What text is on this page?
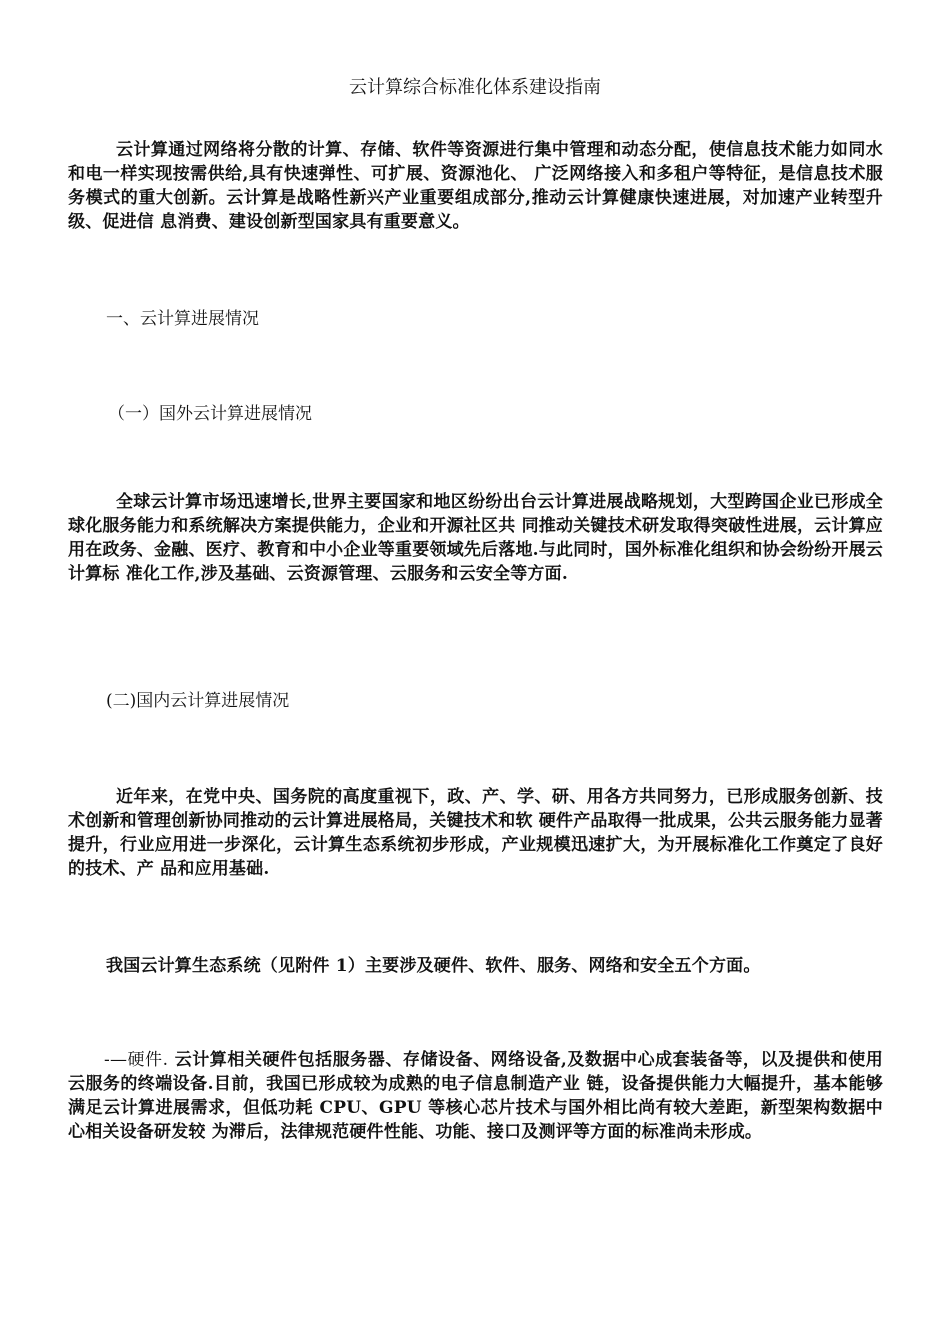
云计算综合标准化体系建设指南

云计算通过网络将分散的计算、存储、软件等资源进行集中管理和动态分配，使信息技术能力如同水和电一样实现按需供给,具有快速弹性、可扩展、资源池化、 广泛网络接入和多租户等特征，是信息技术服务模式的重大创新。云计算是战略性新兴产业重要组成部分,推动云计算健康快速进展，对加速产业转型升级、促进信 息消费、建设创新型国家具有重要意义。

一、云计算进展情况

（一）国外云计算进展情况

全球云计算市场迅速增长,世界主要国家和地区纷纷出台云计算进展战略规划，大型跨国企业已形成全球化服务能力和系统解决方案提供能力，企业和开源社区共 同推动关键技术研发取得突破性进展，云计算应用在政务、金融、医疗、教育和中小企业等重要领域先后落地.与此同时，国外标准化组织和协会纷纷开展云计算标 准化工作,涉及基础、云资源管理、云服务和云安全等方面.

(二)国内云计算进展情况

近年来，在党中央、国务院的高度重视下，政、产、学、研、用各方共同努力，已形成服务创新、技术创新和管理创新协同推动的云计算进展格局，关键技术和软 硬件产品取得一批成果，公共云服务能力显著提升，行业应用进一步深化，云计算生态系统初步形成，产业规模迅速扩大，为开展标准化工作奠定了良好的技术、产 品和应用基础.

我国云计算生态系统（见附件 1）主要涉及硬件、软件、服务、网络和安全五个方面。

-—硬件. 云计算相关硬件包括服务器、存储设备、网络设备,及数据中心成套装备等，以及提供和使用云服务的终端设备.目前，我国已形成较为成熟的电子信息制造产业 链，设备提供能力大幅提升，基本能够满足云计算进展需求，但低功耗 CPU、GPU 等核心芯片技术与国外相比尚有较大差距，新型架构数据中心相关设备研发较 为滞后，法律规范硬件性能、功能、接口及测评等方面的标准尚未形成。
